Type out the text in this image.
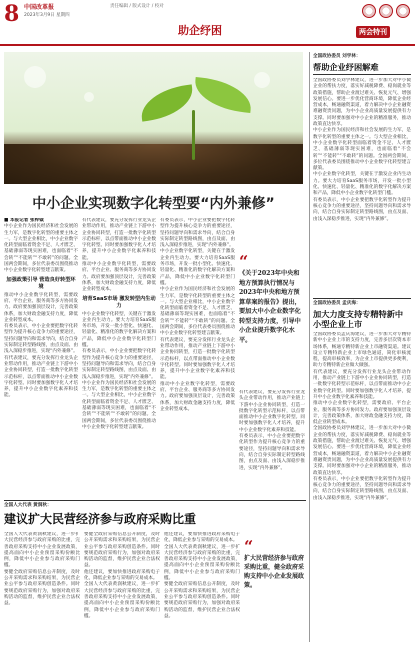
8 中国改革报
2023年3月9日 星期四
责任编辑 / 版式设计 / 校对
助企纾困	两会特刊
中小企业实现数字化转型要“内外兼修”
■ 本报记者 张梓钺

中小企业作为国民经济和社会发展的生力军，是数字化转型的重要主体之一。与大型企业相比，中小企业数字化转型面临着资金不足、人才匮乏、基础薄弱等现实困难，也面临着“不会转”“不能转”“不敢转”的问题。全国两会期间，多位代表委员围绕推动中小企业数字化转型建言献策。

加强政策引导 营造良好转型环境

推动中小企业数字化转型，需要政府、平台企业、服务商等多方协同发力。政府要加强顶层设计，完善政策体系，加大财政金融支持力度，降低企业转型成本。

有委员表示，中小企业要把数字化转型作为提升核心竞争力的重要途径，坚持问题导向和需求导向，结合自身实际制定转型路线图，由点及面、由浅入深稳步推进，实现“内外兼修”。

有代表建议，要充分发挥行业龙头企业带动作用，推动产业链上下游中小企业协同转型，打造一批数字化转型示范标杆，以点带面推动中小企业数字化转型。同时要加强数字化人才培养，提升中小企业数字化素养和技能。

有代表建议，要充分发挥行业龙头企业带动作用，推动产业链上下游中小企业协同转型，打造一批数字化转型示范标杆，以点带面推动中小企业数字化转型。同时要加强数字化人才培养，提升中小企业数字化素养和技能。

推动中小企业数字化转型，需要政府、平台企业、服务商等多方协同发力。政府要加强顶层设计，完善政策体系，加大财政金融支持力度，降低企业转型成本。

培育SaaS市场 激发转型内生动力

中小企业数字化转型，关键在于激发企业内生动力。要大力培育SaaS服务市场，开发一批小型化、快速化、轻量化、精准化的数字化解决方案和产品，降低中小企业数字化转型门槛。

有委员表示，中小企业要把数字化转型作为提升核心竞争力的重要途径，坚持问题导向和需求导向，结合自身实际制定转型路线图，由点及面、由浅入深稳步推进，实现“内外兼修”。

中小企业作为国民经济和社会发展的生力军，是数字化转型的重要主体之一。与大型企业相比，中小企业数字化转型面临着资金不足、人才匮乏、基础薄弱等现实困难，也面临着“不会转”“不能转”“不敢转”的问题。全国两会期间，多位代表委员围绕推动中小企业数字化转型建言献策。

有委员表示，中小企业要把数字化转型作为提升核心竞争力的重要途径，坚持问题导向和需求导向，结合自身实际制定转型路线图，由点及面、由浅入深稳步推进，实现“内外兼修”。

中小企业数字化转型，关键在于激发企业内生动力。要大力培育SaaS服务市场，开发一批小型化、快速化、轻量化、精准化的数字化解决方案和产品，降低中小企业数字化转型门槛。

中小企业作为国民经济和社会发展的生力军，是数字化转型的重要主体之一。与大型企业相比，中小企业数字化转型面临着资金不足、人才匮乏、基础薄弱等现实困难，也面临着“不会转”“不能转”“不敢转”的问题。全国两会期间，多位代表委员围绕推动中小企业数字化转型建言献策。

有代表建议，要充分发挥行业龙头企业带动作用，推动产业链上下游中小企业协同转型，打造一批数字化转型示范标杆，以点带面推动中小企业数字化转型。同时要加强数字化人才培养，提升中小企业数字化素养和技能。

推动中小企业数字化转型，需要政府、平台企业、服务商等多方协同发力。政府要加强顶层设计，完善政策体系，加大财政金融支持力度，降低企业转型成本。

“
《关于2023年中央和地方预算执行情况与2023年中央和地方预算草案的报告》提出，要加大中小企业数字化转型支持力度，引导中小企业提升数字化水平。

有代表建议，要充分发挥行业龙头企业带动作用，推动产业链上下游中小企业协同转型，打造一批数字化转型示范标杆，以点带面推动中小企业数字化转型。同时要加强数字化人才培养，提升中小企业数字化素养和技能。

有委员表示，中小企业要把数字化转型作为提升核心竞争力的重要途径，坚持问题导向和需求导向，结合自身实际制定转型路线图，由点及面、由浅入深稳步推进，实现“内外兼修”。

全国政协委员 刘学林：
帮助企业纾困解难

全国政协委员刘学林建议，进一步加大对中小微企业的帮扶力度，落实好减税降费、稳岗就业等政策措施，帮助企业渡过难关、恢复元气、增强发展信心。要进一步优化营商环境，降低企业经营成本，畅通融资渠道，着力解决中小企业融资难融资贵问题，为中小企业高质量发展提供有力支撑。同时要加强对中小企业的精准服务，推动政策直达快享。

中小企业作为国民经济和社会发展的生力军，是数字化转型的重要主体之一。与大型企业相比，中小企业数字化转型面临着资金不足、人才匮乏、基础薄弱等现实困难，也面临着“不会转”“不能转”“不敢转”的问题。全国两会期间，多位代表委员围绕推动中小企业数字化转型建言献策。

中小企业数字化转型，关键在于激发企业内生动力。要大力培育SaaS服务市场，开发一批小型化、快速化、轻量化、精准化的数字化解决方案和产品，降低中小企业数字化转型门槛。

有委员表示，中小企业要把数字化转型作为提升核心竞争力的重要途径，坚持问题导向和需求导向，结合自身实际制定转型路线图，由点及面、由浅入深稳步推进，实现“内外兼修”。

全国政协委员 孟庆海：
加大力度支持专精特新中小型企业上市

全国政协委员孟庆海建议，进一步加大对专精特新中小企业上市的支持力度，完善多层次资本市场体系，畅通专精特新企业上市融资渠道。建议设立专精特新企业上市绿色通道，简化审核流程，提高审核效率，为企业上市提供更多便利，助力专精特新企业做大做强。

有代表建议，要充分发挥行业龙头企业带动作用，推动产业链上下游中小企业协同转型，打造一批数字化转型示范标杆，以点带面推动中小企业数字化转型。同时要加强数字化人才培养，提升中小企业数字化素养和技能。

推动中小企业数字化转型，需要政府、平台企业、服务商等多方协同发力。政府要加强顶层设计，完善政策体系，加大财政金融支持力度，降低企业转型成本。

全国政协委员刘学林建议，进一步加大对中小微企业的帮扶力度，落实好减税降费、稳岗就业等政策措施，帮助企业渡过难关、恢复元气、增强发展信心。要进一步优化营商环境，降低企业经营成本，畅通融资渠道，着力解决中小企业融资难融资贵问题，为中小企业高质量发展提供有力支撑。同时要加强对中小企业的精准服务，推动政策直达快享。

有委员表示，中小企业要把数字化转型作为提升核心竞争力的重要途径，坚持问题导向和需求导向，结合自身实际制定转型路线图，由点及面、由浅入深稳步推进，实现“内外兼修”。

全国人大代表 黄润秋：
建议扩大民营经济参与政府采购比重

全国人大代表黄润秋建议，进一步扩大民营经济参与政府采购的比重，完善政府采购支持中小企业发展政策，提高面向中小企业预留采购份额比例，降低中小企业参与政府采购门槛。

要健全政府采购信息公开制度，及时公开采购需求和采购结果，为民营企业公平参与政府采购创造条件。同时要规范政府采购行为，加强对政府采购活动的监督，维护民营企业合法权益。

要健全政府采购信息公开制度，及时公开采购需求和采购结果，为民营企业公平参与政府采购创造条件。同时要规范政府采购行为，加强对政府采购活动的监督，维护民营企业合法权益。

他还建议，要加快推进政府采购电子化，降低企业参与采购的交易成本。

全国人大代表黄润秋建议，进一步扩大民营经济参与政府采购的比重，完善政府采购支持中小企业发展政策，提高面向中小企业预留采购份额比例，降低中小企业参与政府采购门槛。

他还建议，要加快推进政府采购电子化，降低企业参与采购的交易成本。

全国人大代表黄润秋建议，进一步扩大民营经济参与政府采购的比重，完善政府采购支持中小企业发展政策，提高面向中小企业预留采购份额比例，降低中小企业参与政府采购门槛。

要健全政府采购信息公开制度，及时公开采购需求和采购结果，为民营企业公平参与政府采购创造条件。同时要规范政府采购行为，加强对政府采购活动的监督，维护民营企业合法权益。

“
扩大民营经济参与政府采购比重，健全政府采购支持中小企业发展政策。
